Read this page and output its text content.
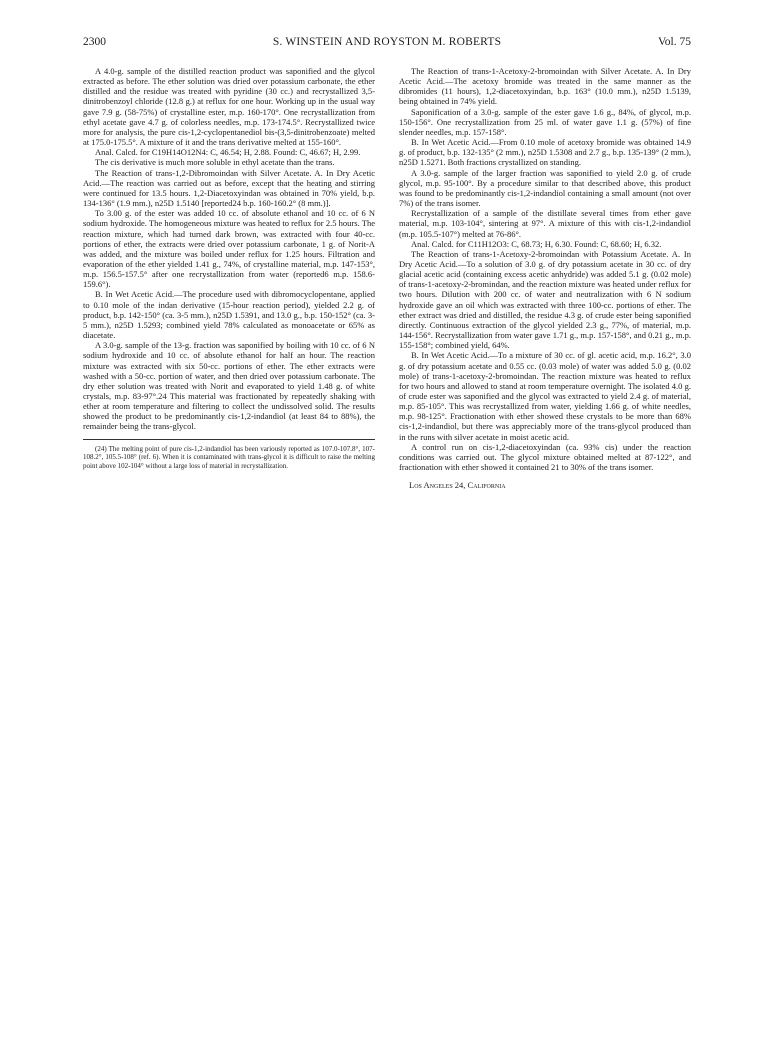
2300	S. WINSTEIN AND ROYSTON M. ROBERTS	Vol. 75

A 4.0-g. sample of the distilled reaction product was saponified and the glycol extracted as before. The ether solution was dried over potassium carbonate, the ether distilled and the residue was treated with pyridine (30 cc.) and recrystallized 3,5-dinitrobenzoyl chloride (12.8 g.) at reflux for one hour. Working up in the usual way gave 7.9 g. (58-75%) of crystalline ester, m.p. 160-170°. One recrystallization from ethyl acetate gave 4.7 g. of colorless needles, m.p. 173-174.5°. Recrystallized twice more for analysis, the pure cis-1,2-cyclopentanediol bis-(3,5-dinitrobenzoate) melted at 175.0-175.5°. A mixture of it and the trans derivative melted at 155-160°.

Anal. Calcd. for C19H14O12N4: C, 46.54; H, 2.88. Found: C, 46.67; H, 2.99.

The cis derivative is much more soluble in ethyl acetate than the trans.

The Reaction of trans-1,2-Dibromoindan with Silver Acetate. A. In Dry Acetic Acid.—The reaction was carried out as before, except that the heating and stirring were continued for 13.5 hours. 1,2-Diacetoxyindan was obtained in 70% yield, b.p. 134-136° (1.9 mm.), n25D 1.5140 [reported24 b.p. 160-160.2° (8 mm.)].

To 3.00 g. of the ester was added 10 cc. of absolute ethanol and 10 cc. of 6 N sodium hydroxide. The homogeneous mixture was heated to reflux for 2.5 hours. The reaction mixture, which had turned dark brown, was extracted with four 40-cc. portions of ether, the extracts were dried over potassium carbonate, 1 g. of Norit-A was added, and the mixture was boiled under reflux for 1.25 hours. Filtration and evaporation of the ether yielded 1.41 g., 74%, of crystalline material, m.p. 147-153°, m.p. 156.5-157.5° after one recrystallization from water (reported6 m.p. 158.6-159.6°).

B. In Wet Acetic Acid.—The procedure used with dibromocyclopentane, applied to 0.10 mole of the indan derivative (15-hour reaction period), yielded 2.2 g. of product, b.p. 142-150° (ca. 3-5 mm.), n25D 1.5391, and 13.0 g., b.p. 150-152° (ca. 3-5 mm.), n25D 1.5293; combined yield 78% calculated as monoacetate or 65% as diacetate.

A 3.0-g. sample of the 13-g. fraction was saponified by boiling with 10 cc. of 6 N sodium hydroxide and 10 cc. of absolute ethanol for half an hour. The reaction mixture was extracted with six 50-cc. portions of ether. The ether extracts were washed with a 50-cc. portion of water, and then dried over potassium carbonate. The dry ether solution was treated with Norit and evaporated to yield 1.48 g. of white crystals, m.p. 83-97°.24 This material was fractionated by repeatedly shaking with ether at room temperature and filtering to collect the undissolved solid. The results showed the product to be predominantly cis-1,2-indandiol (at least 84 to 88%), the remainder being the trans-glycol.

(24) The melting point of pure cis-1,2-indandiol has been variously reported as 107.0-107.8°, 107-108.2°, 105.5-108° (ref. 6). When it is contaminated with trans-glycol it is difficult to raise the melting point above 102-104° without a large loss of material in recrystallization.

The Reaction of trans-1-Acetoxy-2-bromoindan with Silver Acetate. A. In Dry Acetic Acid.—The acetoxy bromide was treated in the same manner as the dibromides (11 hours), 1,2-diacetoxyindan, b.p. 163° (10.0 mm.), n25D 1.5139, being obtained in 74% yield.

Saponification of a 3.0-g. sample of the ester gave 1.6 g., 84%, of glycol, m.p. 150-156°. One recrystallization from 25 ml. of water gave 1.1 g. (57%) of fine slender needles, m.p. 157-158°.

B. In Wet Acetic Acid.—From 0.10 mole of acetoxy bromide was obtained 14.9 g. of product, b.p. 132-135° (2 mm.), n25D 1.5308 and 2.7 g., b.p. 135-139° (2 mm.), n25D 1.5271. Both fractions crystallized on standing.

A 3.0-g. sample of the larger fraction was saponified to yield 2.0 g. of crude glycol, m.p. 95-100°. By a procedure similar to that described above, this product was found to be predominantly cis-1,2-indandiol containing a small amount (not over 7%) of the trans isomer.

Recrystallization of a sample of the distillate several times from ether gave material, m.p. 103-104°, sintering at 97°. A mixture of this with cis-1,2-indandiol (m.p. 105.5-107°) melted at 76-86°.

Anal. Calcd. for C11H12O3: C, 68.73; H, 6.30. Found: C, 68.60; H, 6.32.

The Reaction of trans-1-Acetoxy-2-bromoindan with Potassium Acetate. A. In Dry Acetic Acid.—To a solution of 3.0 g. of dry potassium acetate in 30 cc. of dry glacial acetic acid (containing excess acetic anhydride) was added 5.1 g. (0.02 mole) of trans-1-acetoxy-2-bromindan, and the reaction mixture was heated under reflux for two hours. Dilution with 200 cc. of water and neutralization with 6 N sodium hydroxide gave an oil which was extracted with three 100-cc. portions of ether. The ether extract was dried and distilled, the residue 4.3 g. of crude ester being saponified directly. Continuous extraction of the glycol yielded 2.3 g., 77%, of material, m.p. 144-156°. Recrystallization from water gave 1.71 g., m.p. 157-158°, and 0.21 g., m.p. 155-158°; combined yield, 64%.

B. In Wet Acetic Acid.—To a mixture of 30 cc. of gl. acetic acid, m.p. 16.2°, 3.0 g. of dry potassium acetate and 0.55 cc. (0.03 mole) of water was added 5.0 g. (0.02 mole) of trans-1-acetoxy-2-bromoindan. The reaction mixture was heated to reflux for two hours and allowed to stand at room temperature overnight. The isolated 4.0 g. of crude ester was saponified and the glycol was extracted to yield 2.4 g. of material, m.p. 85-105°. This was recrystallized from water, yielding 1.66 g. of white needles, m.p. 98-125°. Fractionation with ether showed these crystals to be more than 68% cis-1,2-indandiol, but there was appreciably more of the trans-glycol produced than in the runs with silver acetate in moist acetic acid.

A control run on cis-1,2-diacetoxyindan (ca. 93% cis) under the reaction conditions was carried out. The glycol mixture obtained melted at 87-122°, and fractionation with ether showed it contained 21 to 30% of the trans isomer.

Los Angeles 24, California
